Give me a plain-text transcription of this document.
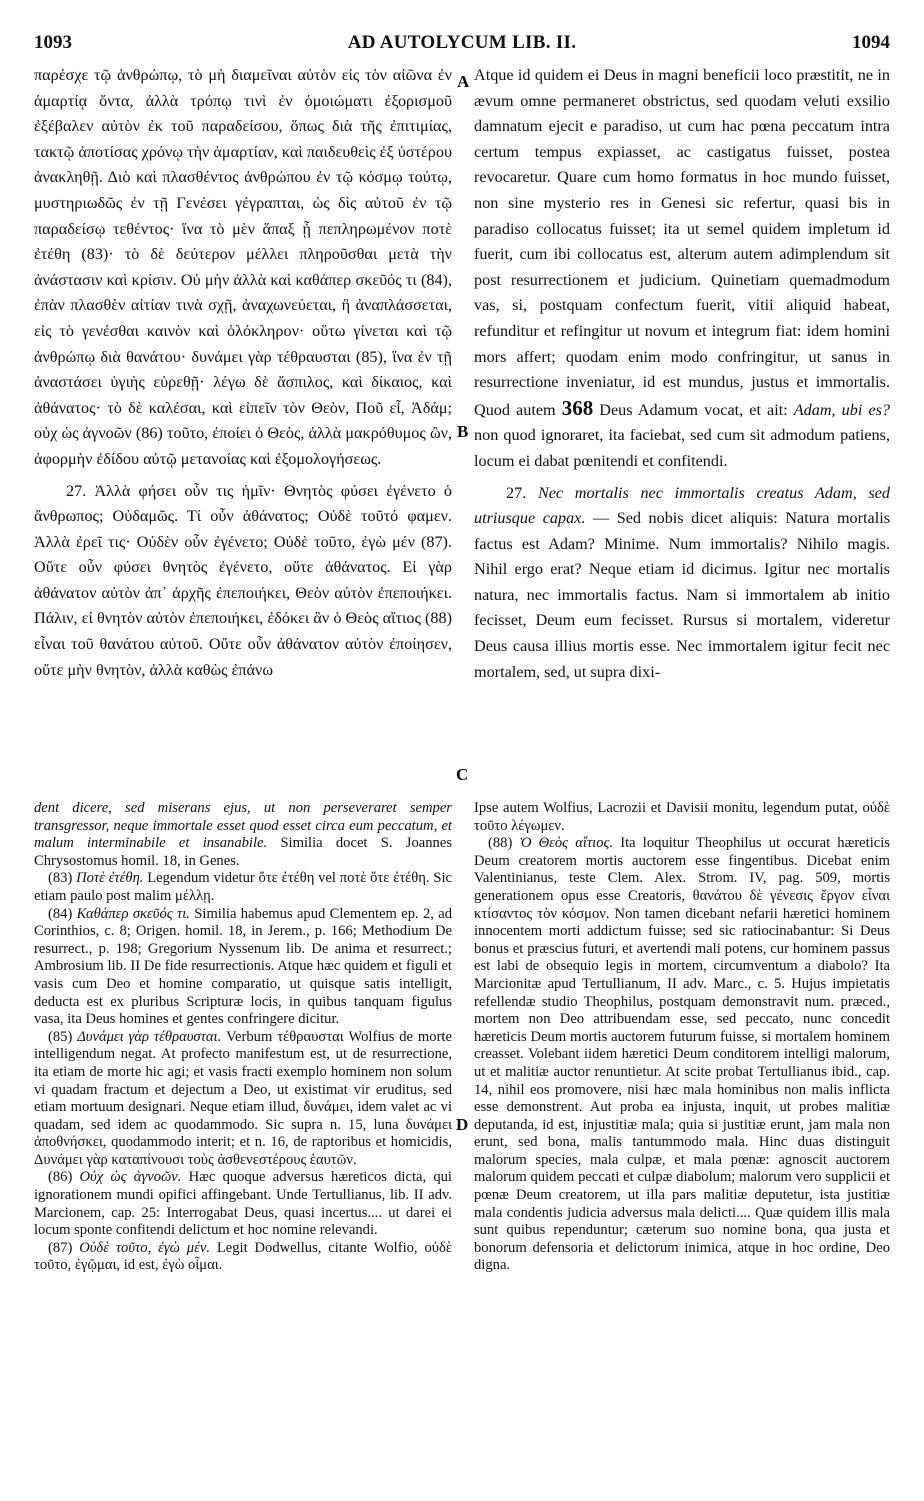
1093	AD AUTOLYCUM LIB. II.	1094
A
B
C
D

παρέσχε τῷ ἀνθρώπῳ, τὸ μὴ διαμεῖναι αὐτὸν εἰς τὸν αἰῶνα ἐν ἁμαρτίᾳ ὄντα, ἀλλὰ τρόπῳ τινὶ ἐν ὁμοιώματι ἐξορισμοῦ ἐξέβαλεν αὐτὸν ἐκ τοῦ παραδείσου, ὅπως διὰ τῆς ἐπιτιμίας, τακτῷ ἀποτίσας χρόνῳ τὴν ἁμαρτίαν, καὶ παιδευθεὶς ἐξ ὑστέρου ἀνακληθῇ. Διὸ καὶ πλασθέντος ἀνθρώπου ἐν τῷ κόσμῳ τούτῳ, μυστηριωδῶς ἐν τῇ Γενέσει γέγραπται, ὡς δὶς αὐτοῦ ἐν τῷ παραδείσῳ τεθέντος· ἵνα τὸ μὲν ἅπαξ ᾖ πεπληρωμένον ποτὲ ἐτέθη (83)· τὸ δὲ δεύτερον μέλλει πληροῦσθαι μετὰ τὴν ἀνάστασιν καὶ κρίσιν. Οὐ μὴν ἀλλὰ καὶ καθάπερ σκεῦός τι (84), ἐπὰν πλασθὲν αἰτίαν τινὰ σχῇ, ἀναχωνεύεται, ἢ ἀναπλάσσεται, εἰς τὸ γενέσθαι καινὸν καὶ ὁλόκληρον· οὕτω γίνεται καὶ τῷ ἀνθρώπῳ διὰ θανάτου· δυνάμει γὰρ τέθραυσται (85), ἵνα ἐν τῇ ἀναστάσει ὑγιὴς εὑρεθῇ· λέγω δὲ ἄσπιλος, καὶ δίκαιος, καὶ ἀθάνατος· τὸ δὲ καλέσαι, καὶ εἰπεῖν τὸν Θεὸν, Ποῦ εἶ, Ἀδάμ; οὐχ ὡς ἀγνοῶν (86) τοῦτο, ἐποίει ὁ Θεὸς, ἀλλὰ μακρόθυμος ὢν, ἀφορμὴν ἐδίδου αὐτῷ μετανοίας καὶ ἐξομολογήσεως.

27. Ἀλλὰ φήσει οὖν τις ἡμῖν· Θνητὸς φύσει ἐγένετο ὁ ἄνθρωπος; Οὐδαμῶς. Τί οὖν ἀθάνατος; Οὐδὲ τοῦτό φαμεν. Ἀλλὰ ἐρεῖ τις· Οὐδὲν οὖν ἐγένετο; Οὐδὲ τοῦτο, ἐγὼ μέν (87). Οὔτε οὖν φύσει θνητὸς ἐγένετο, οὔτε ἀθάνατος. Εἰ γὰρ ἀθάνατον αὐτὸν ἀπ᾽ ἀρχῆς ἐπεποιήκει, Θεὸν αὐτὸν ἐπεποιήκει. Πάλιν, εἰ θνητὸν αὐτὸν ἐπεποιήκει, ἐδόκει ἂν ὁ Θεὸς αἴτιος (88) εἶναι τοῦ θανάτου αὐτοῦ. Οὔτε οὖν ἀθάνατον αὐτὸν ἐποίησεν, οὔτε μὴν θνητὸν, ἀλλὰ καθὼς ἐπάνω

Atque id quidem ei Deus in magni beneficii loco præstitit, ne in ævum omne permaneret obstrictus, sed quodam veluti exsilio damnatum ejecit e paradiso, ut cum hac pœna peccatum intra certum tempus expiasset, ac castigatus fuisset, postea revocaretur. Quare cum homo formatus in hoc mundo fuisset, non sine mysterio res in Genesi sic refertur, quasi bis in paradiso collocatus fuisset; ita ut semel quidem impletum id fuerit, cum ibi collocatus est, alterum autem adimplendum sit post resurrectionem et judicium. Quinetiam quemadmodum vas, si, postquam confectum fuerit, vitii aliquid habeat, refunditur et refingitur ut novum et integrum fiat: idem homini mors affert; quodam enim modo confringitur, ut sanus in resurrectione inveniatur, id est mundus, justus et immortalis. Quod autem 368 Deus Adamum vocat, et ait: Adam, ubi es? non quod ignoraret, ita faciebat, sed cum sit admodum patiens, locum ei dabat pœnitendi et confitendi.

27. Nec mortalis nec immortalis creatus Adam, sed utriusque capax. — Sed nobis dicet aliquis: Natura mortalis factus est Adam? Minime. Num immortalis? Nihilo magis. Nihil ergo erat? Neque etiam id dicimus. Igitur nec mortalis natura, nec immortalis factus. Nam si immortalem ab initio fecisset, Deum eum fecisset. Rursus si mortalem, videretur Deus causa illius mortis esse. Nec immortalem igitur fecit nec mortalem, sed, ut supra dixi-

dent dicere, sed miserans ejus, ut non perseveraret semper transgressor, neque immortale esset quod esset circa eum peccatum, et malum interminabile et insanabile. Similia docet S. Joannes Chrysostomus homil. 18, in Genes.

(83) Ποτὲ ἐτέθη. Legendum videtur ὅτε ἐτέθη vel ποτὲ ὅτε ἐτέθη. Sic etiam paulo post malim μέλλῃ.

(84) Καθάπερ σκεῦός τι. Similia habemus apud Clementem ep. 2, ad Corinthios, c. 8; Origen. homil. 18, in Jerem., p. 166; Methodium De resurrect., p. 198; Gregorium Nyssenum lib. De anima et resurrect.; Ambrosium lib. II De fide resurrectionis. Atque hæc quidem et figuli et vasis cum Deo et homine comparatio, ut quisque satis intelligit, deducta est ex pluribus Scripturæ locis, in quibus tanquam figulus vasa, ita Deus homines et gentes confringere dicitur.

(85) Δυνάμει γὰρ τέθραυσται. Verbum τέθραυσται Wolfius de morte intelligendum negat. At profecto manifestum est, ut de resurrectione, ita etiam de morte hic agi; et vasis fracti exemplo hominem non solum vi quadam fractum et dejectum a Deo, ut existimat vir eruditus, sed etiam mortuum designari. Neque etiam illud, δυνάμει, idem valet ac vi quadam, sed idem ac quodammodo. Sic supra n. 15, luna δυνάμει ἀποθνήσκει, quodammodo interit; et n. 16, de raptoribus et homicidis, Δυνάμει γὰρ καταπίνουσι τοὺς ἀσθενεστέρους ἑαυτῶν.

(86) Οὐχ ὡς ἀγνοῶν. Hæc quoque adversus hæreticos dicta, qui ignorationem mundi opifici affingebant. Unde Tertullianus, lib. II adv. Marcionem, cap. 25: Interrogabat Deus, quasi incertus.... ut darei ei locum sponte confitendi delictum et hoc nomine relevandi.

(87) Οὐδὲ τοῦτο, ἐγὼ μέν. Legit Dodwellus, citante Wolfio, οὐδὲ τοῦτο, ἐγῷμαι, id est, ἐγὼ οἶμαι.

Ipse autem Wolfius, Lacrozii et Davisii monitu, legendum putat, οὐδὲ τοῦτο λέγωμεν.

(88) Ὁ Θεὸς αἴτιος. Ita loquitur Theophilus ut occurat hæreticis Deum creatorem mortis auctorem esse fingentibus. Dicebat enim Valentinianus, teste Clem. Alex. Strom. IV, pag. 509, mortis generationem opus esse Creatoris, θανάτου δὲ γένεσις ἔργον εἶναι κτίσαντος τὸν κόσμον. Non tamen dicebant nefarii hæretici hominem innocentem morti addictum fuisse; sed sic ratiocinabantur: Si Deus bonus et præscius futuri, et avertendi mali potens, cur hominem passus est labi de obsequio legis in mortem, circumventum a diabolo? Ita Marcionitæ apud Tertullianum, II adv. Marc., c. 5. Hujus impietatis refellendæ studio Theophilus, postquam demonstravit num. præced., mortem non Deo attribuendam esse, sed peccato, nunc concedit hæreticis Deum mortis auctorem futurum fuisse, si mortalem hominem creasset. Volebant iidem hæretici Deum conditorem intelligi malorum, ut et malitiæ auctor renuntietur. At scite probat Tertullianus ibid., cap. 14, nihil eos promovere, nisi hæc mala hominibus non malis inflicta esse demonstrent. Aut proba ea injusta, inquit, ut probes malitiæ deputanda, id est, injustitiæ mala; quia si justitiæ erunt, jam mala non erunt, sed bona, malis tantummodo mala. Hinc duas distinguit malorum species, mala culpæ, et mala pœnæ: agnoscit auctorem malorum quidem peccati et culpæ diabolum; malorum vero supplicii et pœnæ Deum creatorem, ut illa pars malitiæ deputetur, ista justitiæ mala condentis judicia adversus mala delicti.... Quæ quidem illis mala sunt quibus rependuntur; cæterum suo nomine bona, qua justa et bonorum defensoria et delictorum inimica, atque in hoc ordine, Deo digna.
